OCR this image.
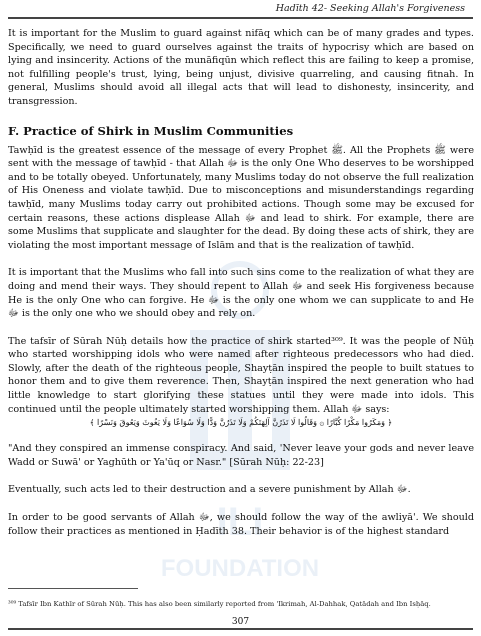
Hadīth 42- Seeking Allah's Forgiveness
ILI
FOUNDATION

It is important for the Muslim to guard against nifāq which can be of many grades and types. Specifically, we need to guard ourselves against the traits of hypocrisy which are based on lying and insincerity. Actions of the munāfiqūn which reflect this are failing to keep a promise, not fulfilling people's trust, lying, being unjust, divisive quarreling, and causing fitnah. In general, Muslims should avoid all illegal acts that will lead to dishonesty, insincerity, and transgression.

F. Practice of Shirk in Muslim Communities

Tawḥīd is the greatest essence of the message of every Prophet ﷺ. All the Prophets ﷺ were sent with the message of tawḥīd - that Allah ﷻ is the only One Who deserves to be worshipped and to be totally obeyed. Unfortunately, many Muslims today do not observe the full realization of His Oneness and violate tawḥīd. Due to misconceptions and misunderstandings regarding tawḥīd, many Muslims today carry out prohibited actions. Though some may be excused for certain reasons, these actions displease Allah ﷻ and lead to shirk. For example, there are some Muslims that supplicate and slaughter for the dead. By doing these acts of shirk, they are violating the most important message of Islām and that is the realization of tawḥīd.

It is important that the Muslims who fall into such sins come to the realization of what they are doing and mend their ways. They should repent to Allah ﷻ and seek His forgiveness because He is the only One who can forgive. He ﷻ is the only one whom we can supplicate to and He ﷻ is the only one who we should obey and rely on.

The tafsīr of Sūrah Nūḥ details how the practice of shirk started³⁰⁹. It was the people of Nūḥ who started worshipping idols who were named after righteous predecessors who had died. Slowly, after the death of the righteous people, Shayṭān inspired the people to built statues to honor them and to give them reverence. Then, Shayṭān inspired the next generation who had little knowledge to start glorifying these statues until they were made into idols. This continued until the people ultimately started worshipping them. Allah ﷻ says:

﴿ وَمَكَرُوا مَكْرًا كُبَّارًا ۞ وَقَالُوا لَا تَذَرُنَّ آلِهَتَكُمْ وَلَا تَذَرُنَّ وَدًّا وَلَا سُوَاعًا وَلَا يَغُوثَ وَيَعُوقَ وَنَسْرًا ﴾

"And they conspired an immense conspiracy. And said, 'Never leave your gods and never leave Wadd or Suwā' or Yaghūth or Ya'ūq or Nasr." [Sūrah Nūḥ: 22-23]

Eventually, such acts led to their destruction and a severe punishment by Allah ﷻ.

In order to be good servants of Allah ﷻ, we should follow the way of the awliyā'. We should follow their practices as mentioned in Ḥadīth 38. Their behavior is of the highest standard

³⁰⁹ Tafsīr Ibn Kathīr of Sūrah Nūḥ. This has also been similarly reported from 'Ikrimah, Al-Dahhak, Qatādah and Ibn Isḥāq.
307
